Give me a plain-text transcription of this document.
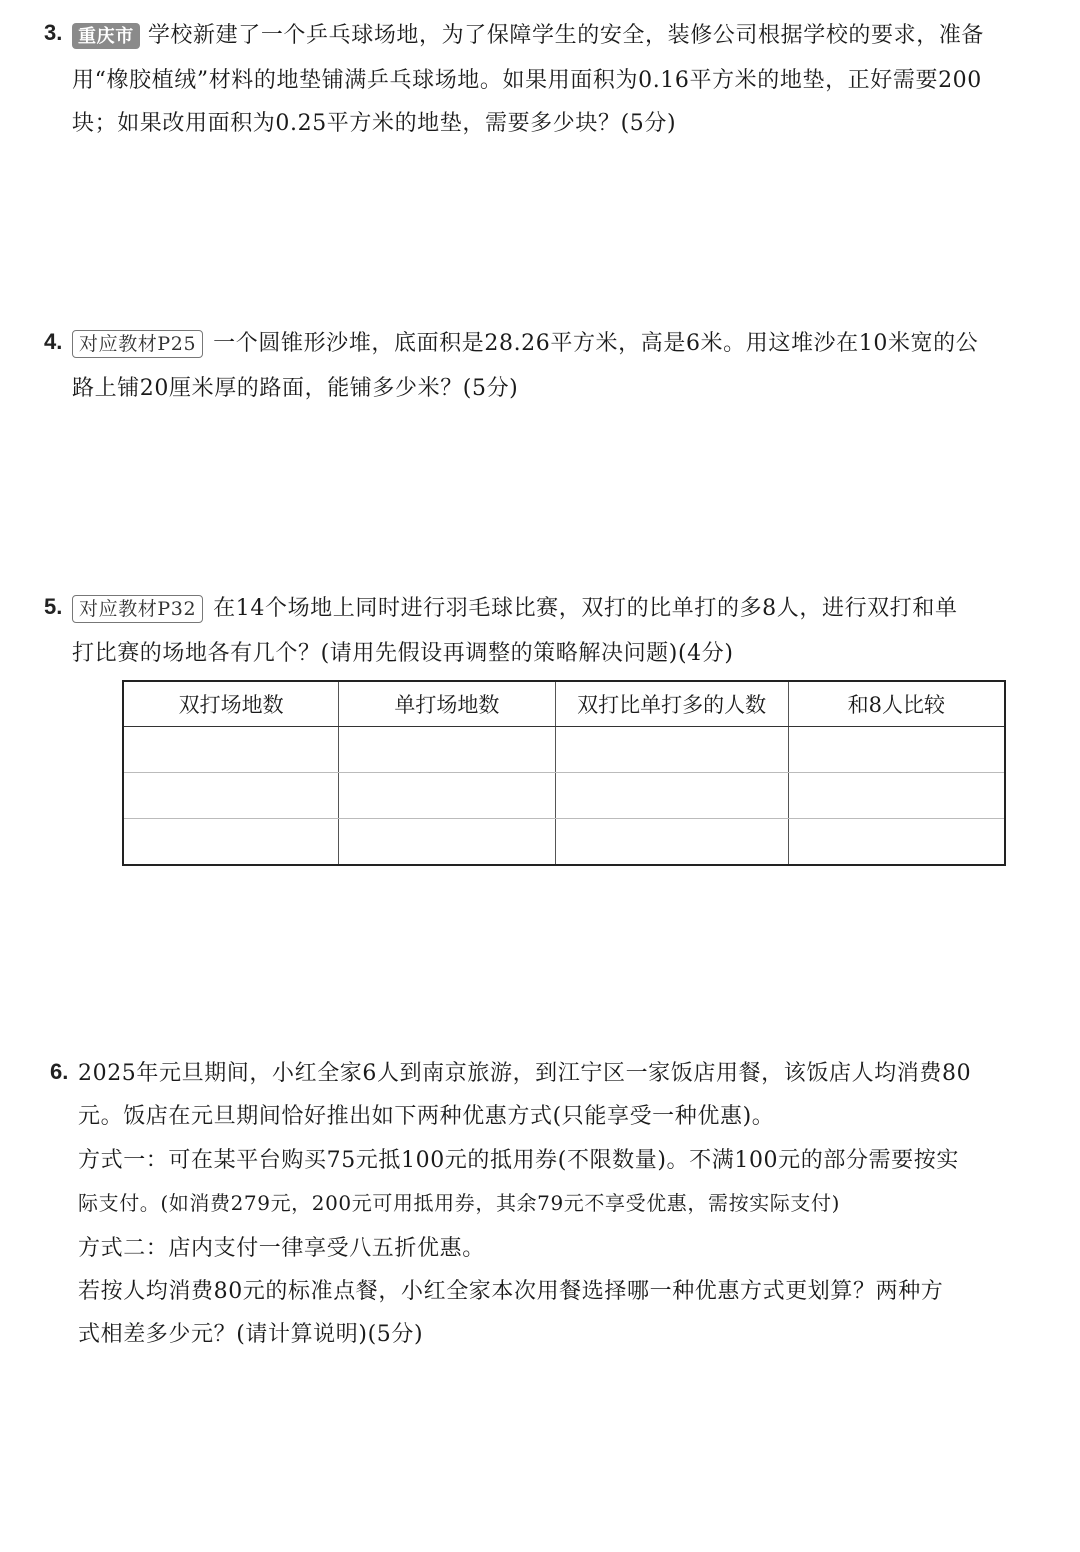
3. 重庆市 学校新建了一个乒乓球场地，为了保障学生的安全，装修公司根据学校的要求，准备
用“橡胶植绒”材料的地垫铺满乒乓球场地。如果用面积为0.16平方米的地垫，正好需要200
块；如果改用面积为0.25平方米的地垫，需要多少块？(5分)
4. 对应教材P25 一个圆锥形沙堆，底面积是28.26平方米，高是6米。用这堆沙在10米宽的公
路上铺20厘米厚的路面，能铺多少米？(5分)
5. 对应教材P32 在14个场地上同时进行羽毛球比赛，双打的比单打的多8人，进行双打和单
打比赛的场地各有几个？(请用先假设再调整的策略解决问题)(4分)
双打场地数	单打场地数	双打比单打多的人数	和8人比较

6. 2025年元旦期间，小红全家6人到南京旅游，到江宁区一家饭店用餐，该饭店人均消费80
元。饭店在元旦期间恰好推出如下两种优惠方式(只能享受一种优惠)。
方式一：可在某平台购买75元抵100元的抵用券(不限数量)。不满100元的部分需要按实
际支付。(如消费279元，200元可用抵用券，其余79元不享受优惠，需按实际支付)
方式二：店内支付一律享受八五折优惠。
若按人均消费80元的标准点餐，小红全家本次用餐选择哪一种优惠方式更划算？两种方
式相差多少元？(请计算说明)(5分)
